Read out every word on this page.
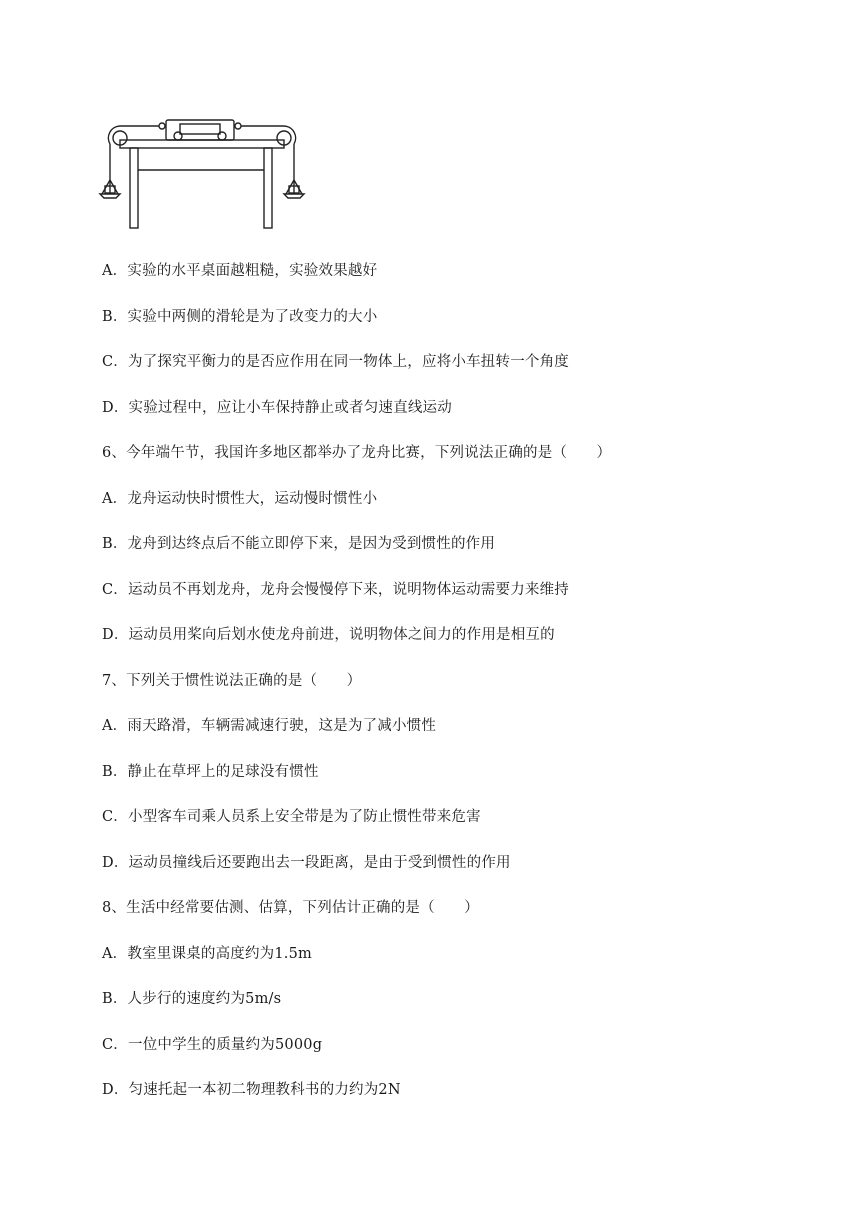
A．实验的水平桌面越粗糙，实验效果越好
B．实验中两侧的滑轮是为了改变力的大小
C．为了探究平衡力的是否应作用在同一物体上，应将小车扭转一个角度
D．实验过程中，应让小车保持静止或者匀速直线运动
6、今年端午节，我国许多地区都举办了龙舟比赛，下列说法正确的是（　　）
A．龙舟运动快时惯性大，运动慢时惯性小
B．龙舟到达终点后不能立即停下来，是因为受到惯性的作用
C．运动员不再划龙舟，龙舟会慢慢停下来，说明物体运动需要力来维持
D．运动员用桨向后划水使龙舟前进，说明物体之间力的作用是相互的
7、下列关于惯性说法正确的是（　　）
A．雨天路滑，车辆需减速行驶，这是为了减小惯性
B．静止在草坪上的足球没有惯性
C．小型客车司乘人员系上安全带是为了防止惯性带来危害
D．运动员撞线后还要跑出去一段距离，是由于受到惯性的作用
8、生活中经常要估测、估算，下列估计正确的是（　　）
A．教室里课桌的高度约为1.5m
B．人步行的速度约为5m/s
C．一位中学生的质量约为5000g
D．匀速托起一本初二物理教科书的力约为2N
